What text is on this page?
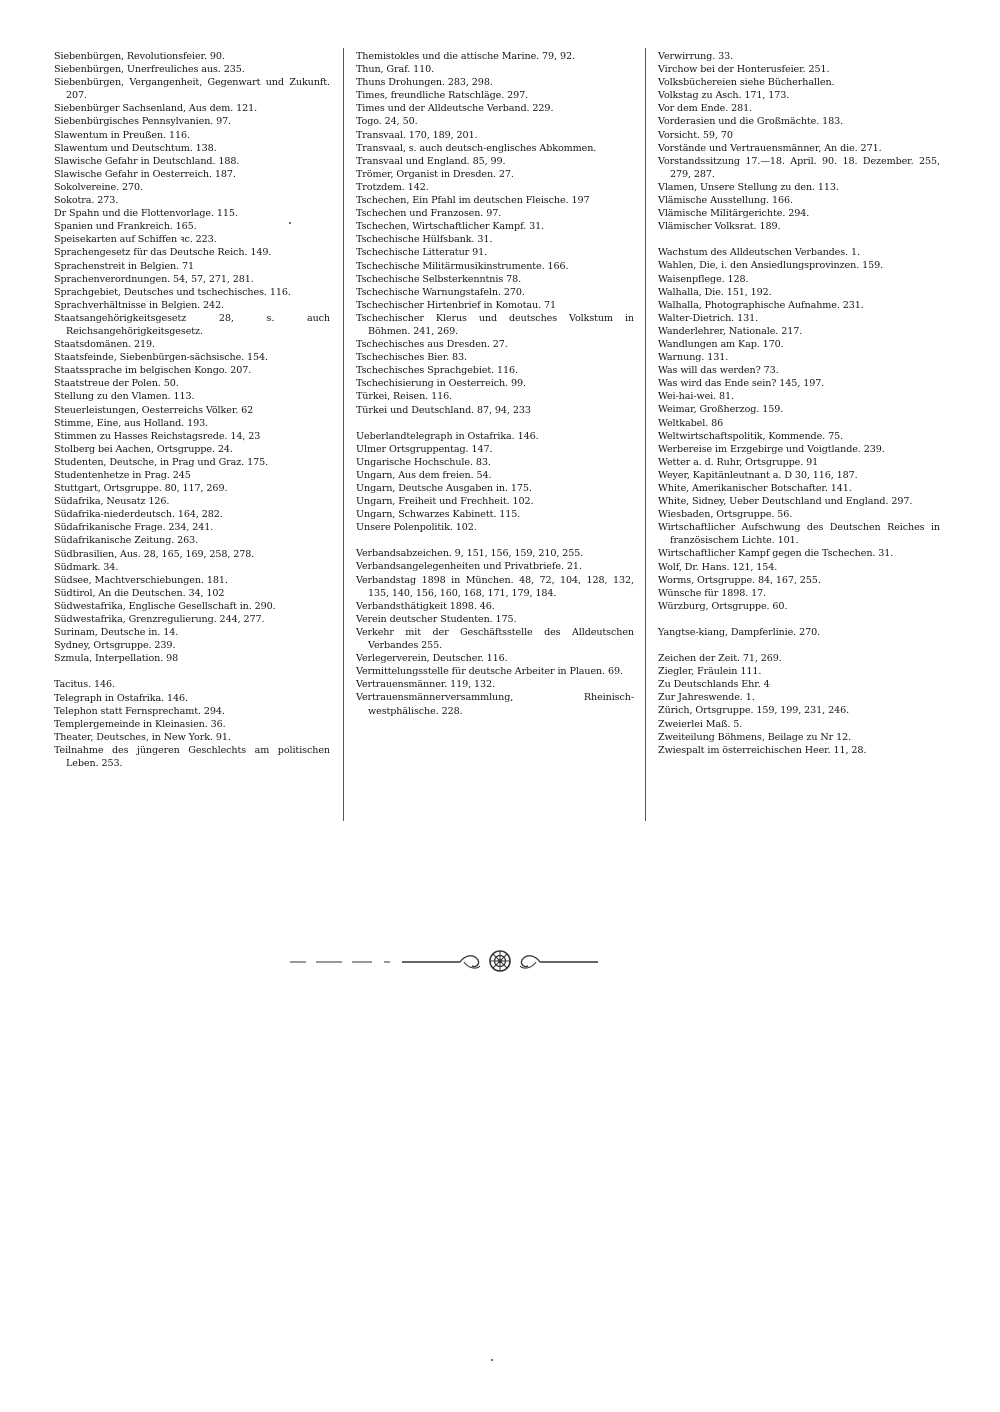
Siebenbürgen, Revolutionsfeier. 90.
Siebenbürgen, Unerfreuliches aus. 235.
Siebenbürgen, Vergangenheit, Gegenwart und Zukunft. 207.
Siebenbürger Sachsenland, Aus dem. 121.
Siebenbürgisches Pennsylvanien. 97.
Slawentum in Preußen. 116.
Slawentum und Deutschtum. 138.
Slawische Gefahr in Deutschland. 188.
Slawische Gefahr in Oesterreich. 187.
Sokolvereine. 270.
Sokotra. 273.
Dr Spahn und die Flottenvorlage. 115.
Spanien und Frankreich. 165.
Speisekarten auf Schiffen ꝛc. 223.
Sprachengesetz für das Deutsche Reich. 149.
Sprachenstreit in Belgien. 71
Sprachenverordnungen. 54, 57, 271, 281.
Sprachgebiet, Deutsches und tschechisches. 116.
Sprachverhältnisse in Belgien. 242.
Staatsangehörigkeitsgesetz 28, s. auch Reichsangehörigkeitsgesetz.
Staatsdomänen. 219.
Staatsfeinde, Siebenbürgen-sächsische. 154.
Staatssprache im belgischen Kongo. 207.
Staatstreue der Polen. 50.
Stellung zu den Vlamen. 113.
Steuerleistungen, Oesterreichs Völker. 62
Stimme, Eine, aus Holland. 193.
Stimmen zu Hasses Reichstagsrede. 14, 23
Stolberg bei Aachen, Ortsgruppe. 24.
Studenten, Deutsche, in Prag und Graz. 175.
Studentenhetze in Prag. 245
Stuttgart, Ortsgruppe. 80, 117, 269.
Südafrika, Neusatz 126.
Südafrika-niederdeutsch. 164, 282.
Südafrikanische Frage. 234, 241.
Südafrikanische Zeitung. 263.
Südbrasilien, Aus. 28, 165, 169, 258, 278.
Südmark. 34.
Südsee, Machtverschiebungen. 181.
Südtirol, An die Deutschen. 34, 102
Südwestafrika, Englische Gesellschaft in. 290.
Südwestafrika, Grenzregulierung. 244, 277.
Surinam, Deutsche in. 14.
Sydney, Ortsgruppe. 239.
Szmula, Interpellation. 98
Tacitus. 146.
Telegraph in Ostafrika. 146.
Telephon statt Fernsprechamt. 294.
Templergemeinde in Kleinasien. 36.
Theater, Deutsches, in New York. 91.
Teilnahme des jüngeren Geschlechts am politischen Leben. 253.
Themistokles und die attische Marine. 79, 92.
Thun, Graf. 110.
Thuns Drohungen. 283, 298.
Times, freundliche Ratschläge. 297.
Times und der Alldeutsche Verband. 229.
Togo. 24, 50.
Transvaal. 170, 189, 201.
Transvaal, s. auch deutsch-englisches Abkommen.
Transvaal und England. 85, 99.
Trömer, Organist in Dresden. 27.
Trotzdem. 142.
Tschechen, Ein Pfahl im deutschen Fleische. 197
Tschechen und Franzosen. 97.
Tschechen, Wirtschaftlicher Kampf. 31.
Tschechische Hülfsbank. 31.
Tschechische Litteratur 91.
Tschechische Militärmusikinstrumente. 166.
Tschechische Selbsterkenntnis 78.
Tschechische Warnungstafeln. 270.
Tschechischer Hirtenbrief in Komotau. 71
Tschechischer Klerus und deutsches Volkstum in Böhmen. 241, 269.
Tschechisches aus Dresden. 27.
Tschechisches Bier. 83.
Tschechisches Sprachgebiet. 116.
Tschechisierung in Oesterreich. 99.
Türkei, Reisen. 116.
Türkei und Deutschland. 87, 94, 233
Ueberlandtelegraph in Ostafrika. 146.
Ulmer Ortsgruppentag. 147.
Ungarische Hochschule. 83.
Ungarn, Aus dem freien. 54.
Ungarn, Deutsche Ausgaben in. 175.
Ungarn, Freiheit und Frechheit. 102.
Ungarn, Schwarzes Kabinett. 115.
Unsere Polenpolitik. 102.
Verbandsabzeichen. 9, 151, 156, 159, 210, 255.
Verbandsangelegenheiten und Privatbriefe. 21.
Verbandstag 1898 in München. 48, 72, 104, 128, 132, 135, 140, 156, 160, 168, 171, 179, 184.
Verbandsthätigkeit 1898. 46.
Verein deutscher Studenten. 175.
Verkehr mit der Geschäftsstelle des Alldeutschen Verbandes 255.
Verlegerverein, Deutscher. 116.
Vermittelungsstelle für deutsche Arbeiter in Plauen. 69.
Vertrauensmänner. 119, 132.
Vertrauensmännerversammlung, Rheinisch-westphälische. 228.
Verwirrung. 33.
Virchow bei der Honterusfeier. 251.
Volksbüchereien siehe Bücherhallen.
Volkstag zu Asch. 171, 173.
Vor dem Ende. 281.
Vorderasien und die Großmächte. 183.
Vorsicht. 59, 70
Vorstände und Vertrauensmänner, An die. 271.
Vorstandssitzung 17.—18. April. 90. 18. Dezember. 255, 279, 287.
Vlamen, Unsere Stellung zu den. 113.
Vlämische Ausstellung. 166.
Vlämische Militärgerichte. 294.
Vlämischer Volksrat. 189.
Wachstum des Alldeutschen Verbandes. 1.
Wahlen, Die, i. den Ansiedlungsprovinzen. 159.
Waisenpflege. 128.
Walhalla, Die. 151, 192.
Walhalla, Photographische Aufnahme. 231.
Walter-Dietrich. 131.
Wanderlehrer, Nationale. 217.
Wandlungen am Kap. 170.
Warnung. 131.
Was will das werden? 73.
Was wird das Ende sein? 145, 197.
Wei-hai-wei. 81.
Weimar, Großherzog. 159.
Weltkabel. 86
Weltwirtschaftspolitik, Kommende. 75.
Werbereise im Erzgebirge und Voigtlande. 239.
Wetter a. d. Ruhr, Ortsgruppe. 91
Weyer, Kapitänleutnant a. D 30, 116, 187.
White, Amerikanischer Botschafter. 141.
White, Sidney, Ueber Deutschland und England. 297.
Wiesbaden, Ortsgruppe. 56.
Wirtschaftlicher Aufschwung des Deutschen Reiches in französischem Lichte. 101.
Wirtschaftlicher Kampf gegen die Tschechen. 31.
Wolf, Dr. Hans. 121, 154.
Worms, Ortsgruppe. 84, 167, 255.
Wünsche für 1898. 17.
Würzburg, Ortsgruppe. 60.
Yangtse-kiang, Dampferlinie. 270.
Zeichen der Zeit. 71, 269.
Ziegler, Fräulein 111.
Zu Deutschlands Ehr. 4
Zur Jahreswende. 1.
Zürich, Ortsgruppe. 159, 199, 231, 246.
Zweierlei Maß. 5.
Zweiteilung Böhmens, Beilage zu Nr 12.
Zwiespalt im österreichischen Heer. 11, 28.
